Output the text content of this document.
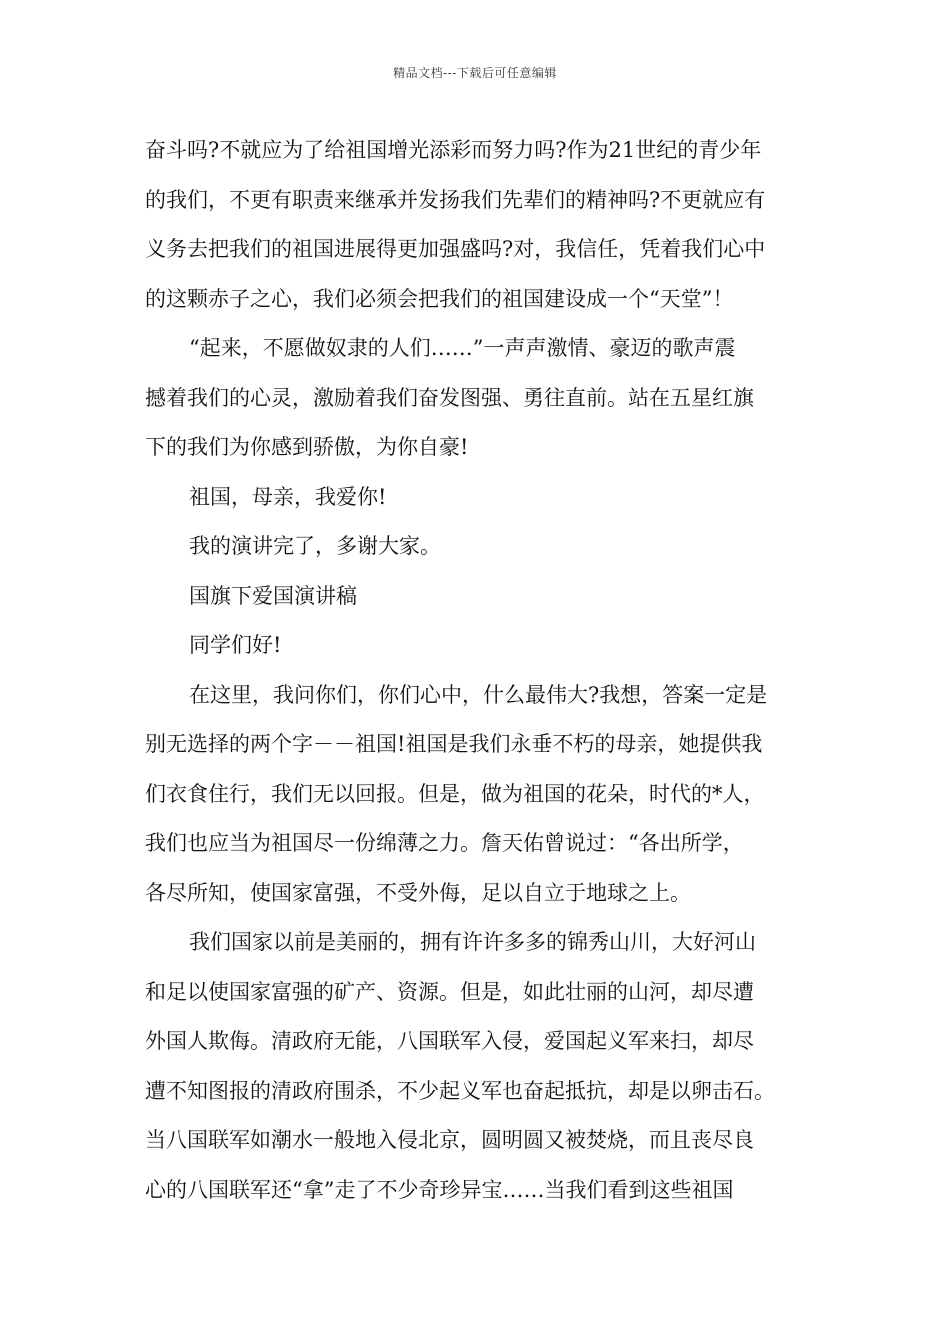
精品文档---下载后可任意编辑
奋斗吗?不就应为了给祖国增光添彩而努力吗?作为21世纪的青少年
的我们，不更有职责来继承并发扬我们先辈们的精神吗?不更就应有
义务去把我们的祖国进展得更加强盛吗?对，我信任，凭着我们心中
的这颗赤子之心，我们必须会把我们的祖国建设成一个“天堂”！
“起来，不愿做奴隶的人们……”一声声激情、豪迈的歌声震
撼着我们的心灵，激励着我们奋发图强、勇往直前。站在五星红旗
下的我们为你感到骄傲，为你自豪!
祖国，母亲，我爱你!
我的演讲完了，多谢大家。
国旗下爱国演讲稿
同学们好!
在这里，我问你们，你们心中，什么最伟大?我想，答案一定是
别无选择的两个字－－祖国!祖国是我们永垂不朽的母亲，她提供我
们衣食住行，我们无以回报。但是，做为祖国的花朵，时代的*人，
我们也应当为祖国尽一份绵薄之力。詹天佑曾说过：“各出所学，
各尽所知，使国家富强，不受外侮，足以自立于地球之上。
我们国家以前是美丽的，拥有许许多多的锦秀山川，大好河山
和足以使国家富强的矿产、资源。但是，如此壮丽的山河，却尽遭
外国人欺侮。清政府无能，八国联军入侵，爱国起义军来扫，却尽
遭不知图报的清政府围杀，不少起义军也奋起抵抗，却是以卵击石。
当八国联军如潮水一般地入侵北京，圆明圆又被焚烧，而且丧尽良
心的八国联军还“拿”走了不少奇珍异宝……当我们看到这些祖国
